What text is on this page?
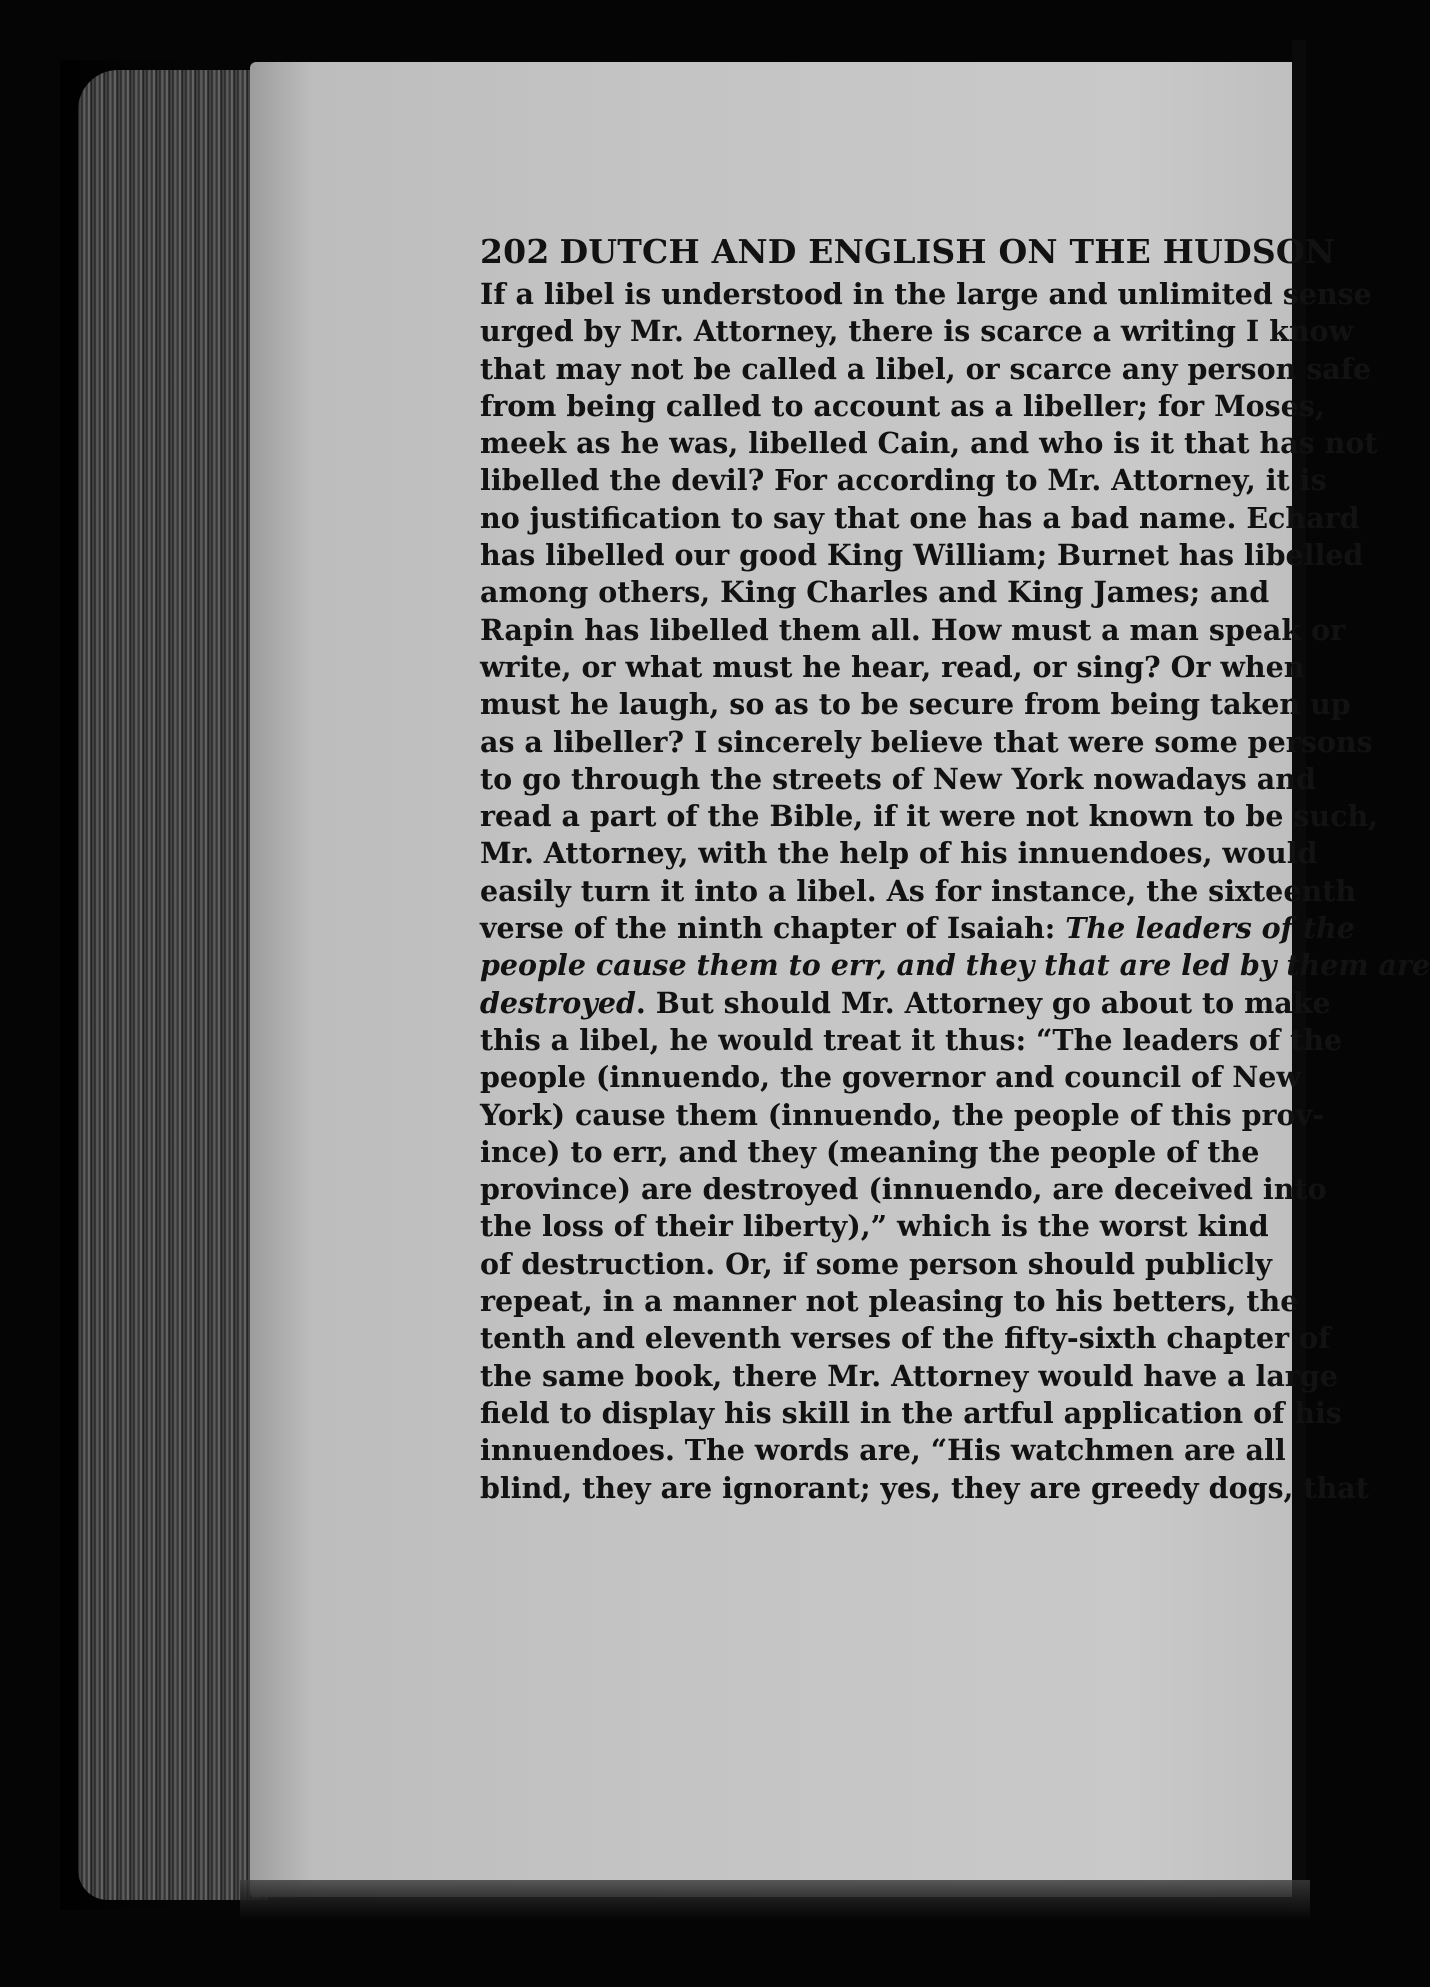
202 DUTCH AND ENGLISH ON THE HUDSON
If a libel is understood in the large and unlimited sense
urged by Mr. Attorney, there is scarce a writing I know
that may not be called a libel, or scarce any person safe
from being called to account as a libeller; for Moses,
meek as he was, libelled Cain, and who is it that has not
libelled the devil? For according to Mr. Attorney, it is
no justification to say that one has a bad name. Echard
has libelled our good King William; Burnet has libelled
among others, King Charles and King James; and
Rapin has libelled them all. How must a man speak or
write, or what must he hear, read, or sing? Or when
must he laugh, so as to be secure from being taken up
as a libeller? I sincerely believe that were some persons
to go through the streets of New York nowadays and
read a part of the Bible, if it were not known to be such,
Mr. Attorney, with the help of his innuendoes, would
easily turn it into a libel. As for instance, the sixteenth
verse of the ninth chapter of Isaiah: The leaders of the
people cause them to err, and they that are led by them are
destroyed. But should Mr. Attorney go about to make
this a libel, he would treat it thus: “The leaders of the
people (innuendo, the governor and council of New
York) cause them (innuendo, the people of this prov-
ince) to err, and they (meaning the people of the
province) are destroyed (innuendo, are deceived into
the loss of their liberty),” which is the worst kind
of destruction. Or, if some person should publicly
repeat, in a manner not pleasing to his betters, the
tenth and eleventh verses of the fifty-sixth chapter of
the same book, there Mr. Attorney would have a large
field to display his skill in the artful application of his
innuendoes. The words are, “His watchmen are all
blind, they are ignorant; yes, they are greedy dogs, that
